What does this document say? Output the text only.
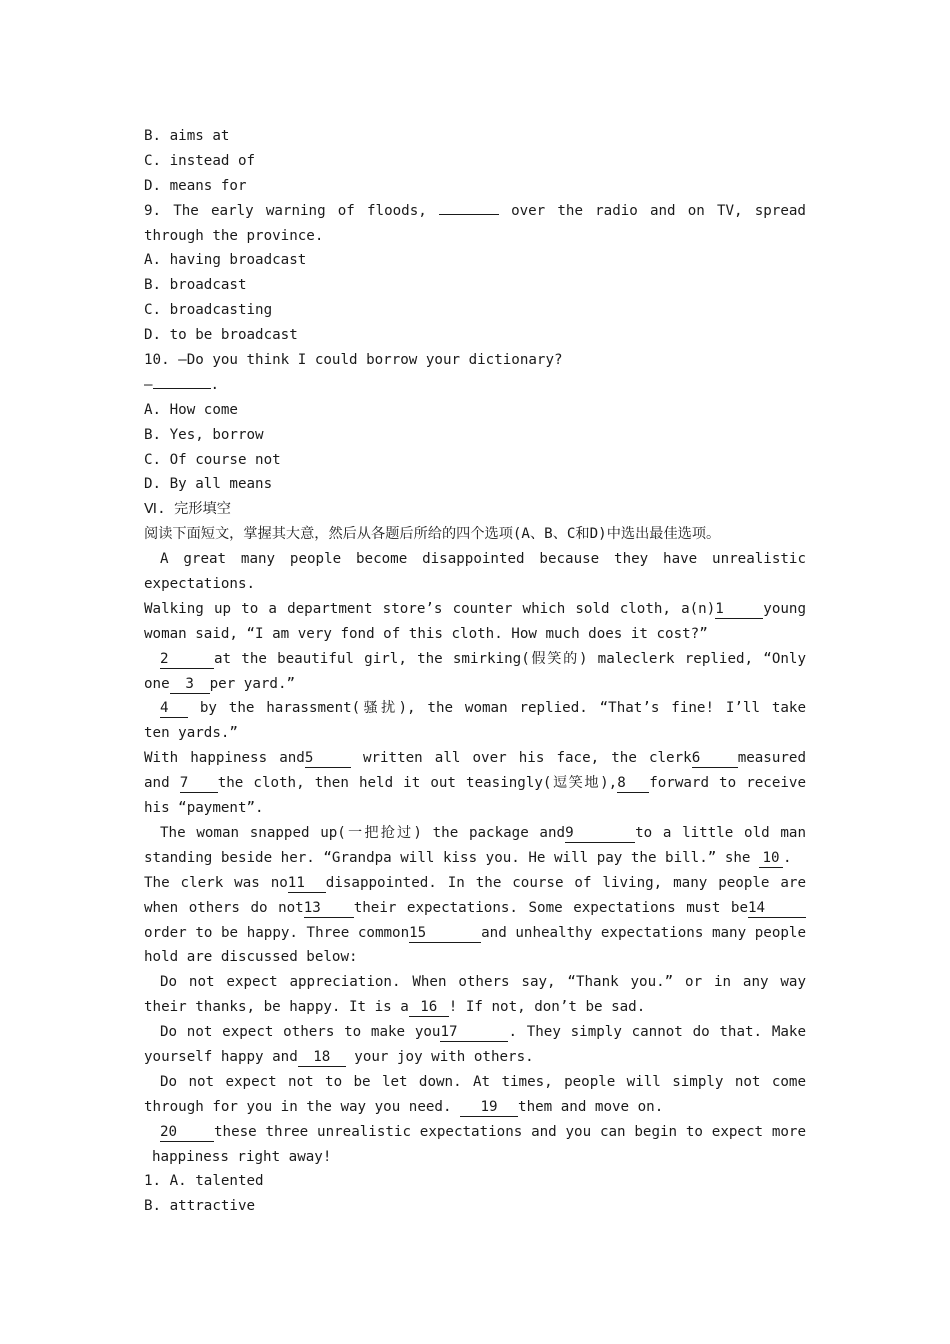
B. aims at
C. instead of
D. means for
9. The early warning of floods,	over the radio and on TV, spread
through the province.
A. having broadcast
B. broadcast
C. broadcasting
D. to be broadcast
10. —Do you think I could borrow your dictionary?
—	.
A. How come
B. Yes, borrow
C. Of course not
D. By all means
Ⅵ. 完形填空
阅读下面短文，掌握其大意，然后从各题后所给的四个选项(A、B、C和D)中选出最佳选项。
A great many people become disappointed because they have unrealistic
expectations.
Walking up to a department store’s counter which sold cloth, a(n)1	young
woman said, “I am very fond of this cloth. How much does it cost?”
2	at the beautiful girl, the smirking(假笑的) maleclerk replied, “Only
one 3 per yard.”
4 by the harassment(骚扰), the woman replied. “That’s fine! I’ll take
ten yards.”
With happiness and5	written all over his face, the clerk6	measured
and 7 the cloth, then held it out teasingly(逗笑地),8 forward to receive
his “payment”.
The woman snapped up(一把抢过) the package and9	to a little old man
standing beside her. “Grandpa will kiss you. He will pay the bill.” she 10 .
The clerk was no11 disappointed. In the course of living, many people are
when others do not13 their expectations. Some expectations must be14
order to be happy. Three common15	and unhealthy expectations many people
hold are discussed below:
Do not expect appreciation. When others say, “Thank you.” or in any way
their thanks, be happy. It is a 16 ! If not, don’t be sad.
Do not expect others to make you17	. They simply cannot do that. Make
yourself happy and 18 your joy with others.
Do not expect not to be let down. At times, people will simply not come
through for you in the way you need. 19 them and move on.
20	these three unrealistic expectations and you can begin to expect more
happiness right away!
1. A. talented
B. attractive
